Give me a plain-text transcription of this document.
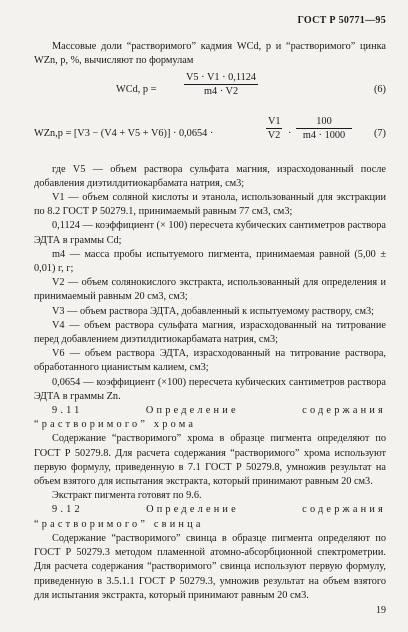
ГОСТ Р 50771—95

Массовые доли “растворимого” кадмия WCd, р и “растворимого” цинка WZn, p, %, вычисляют по формулам

WCd, p =	$\frac{V5 \cdot V1 \cdot 0,1124}{m4 \cdot V2}$	(6)
WZn,p = [V3 − (V4 + V5 + V6)] · 0,0654 ·	$\frac{V1}{V2} \cdot \frac{100}{m4 \cdot 1000} (7)$

где V5 — объем раствора сульфата магния, израсходованный после добавления диэтилдитиокарбамата натрия, см3;

V1 — объем соляной кислоты и этанола, использованный для экстракции по 8.2 ГОСТ Р 50279.1, принимаемый равным 77 см3, см3;

0,1124 — коэффициент (× 100) пересчета кубических сантиметров раствора ЭДТА в граммы Cd;

m4 — масса пробы испытуемого пигмента, принимаемая равной (5,00 ± 0,01) г, г;

V2 — объем солянокислого экстракта, использованный для определения и принимаемый равным 20 см3, см3;

V3 — объем раствора ЭДТА, добавленный к испытуемому раствору, см3;

V4 — объем раствора сульфата магния, израсходованный на титрование перед добавлением диэтилдитиокарбамата натрия, см3;

V6 — объем раствора ЭДТА, израсходованный на титрование раствора, обработанного цианистым калием, см3;

0,0654 — коэффициент (×100) пересчета кубических сантиметров раствора ЭДТА в граммы Zn.

9.11 Определение содержания “растворимого” хрома

Содержание “растворимого” хрома в образце пигмента определяют по ГОСТ Р 50279.8. Для расчета содержания “растворимого” хрома используют первую формулу, приведенную в 7.1 ГОСТ Р 50279.8, умножив результат на объем взятого для испытания экстракта, который принимают равным 20 см3.

Экстракт пигмента готовят по 9.6.

9.12 Определение содержания “растворимого” свинца

Содержание “растворимого” свинца в образце пигмента определяют по ГОСТ Р 50279.3 методом пламенной атомно-абсорбционной спектрометрии. Для расчета содержания “растворимого” свинца используют первую формулу, приведенную в 3.5.1.1 ГОСТ Р 50279.3, умножив результат на объем взятого для испытания экстракта, который принимают равным 20 см3.

19
